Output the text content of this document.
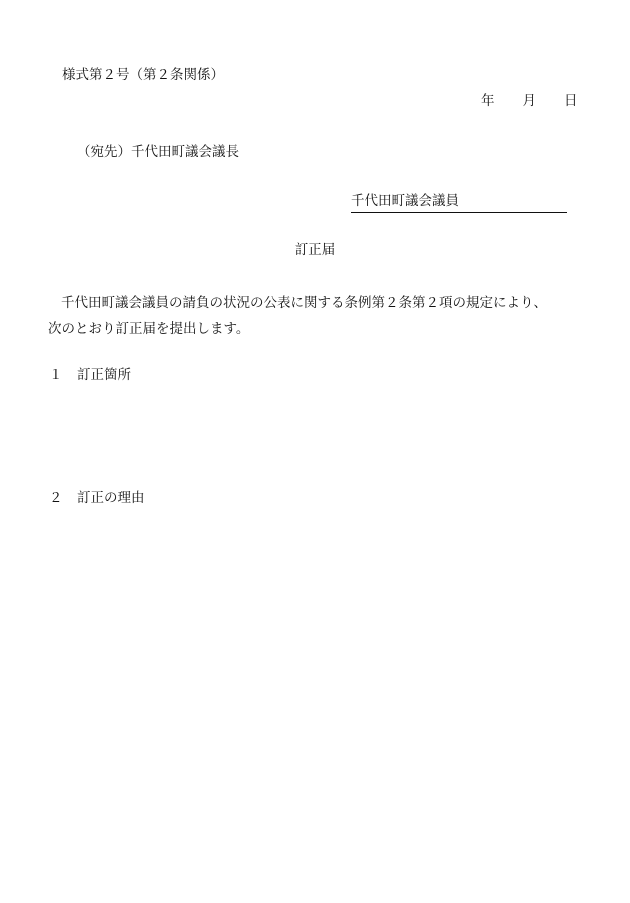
様式第２号（第２条関係）
年 月 日
（宛先）千代田町議会議長
千代田町議会議員
訂正届
千代田町議会議員の請負の状況の公表に関する条例第２条第２項の規定により、
次のとおり訂正届を提出します。
１ 訂正箇所
２ 訂正の理由
